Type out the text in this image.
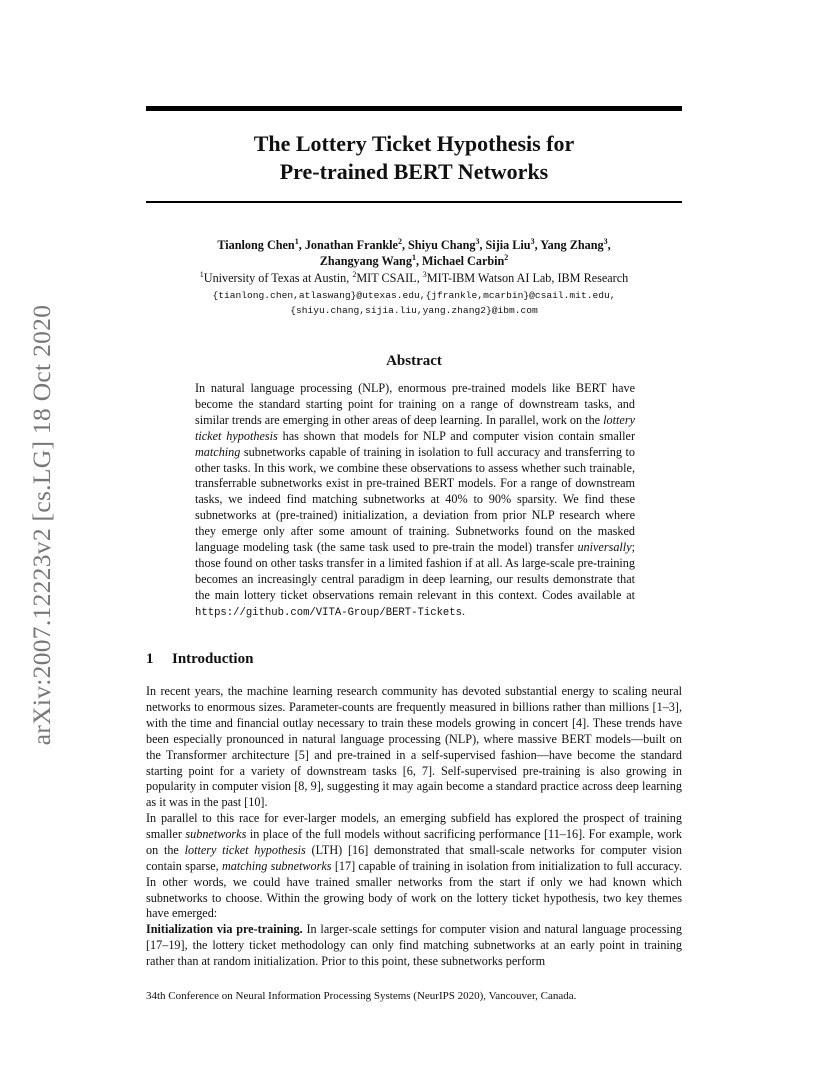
arXiv:2007.12223v2 [cs.LG] 18 Oct 2020
The Lottery Ticket Hypothesis for
Pre-trained BERT Networks
Tianlong Chen$^1$, Jonathan Frankle$^2$, Shiyu Chang$^3$, Sijia Liu$^3$, Yang Zhang$^3$,
Zhangyang Wang$^1$, Michael Carbin$^2$
$^1$University of Texas at Austin, $^2$MIT CSAIL, $^3$MIT-IBM Watson AI Lab, IBM Research
{tianlong.chen,atlaswang}@utexas.edu,{jfrankle,mcarbin}@csail.mit.edu,
{shiyu.chang,sijia.liu,yang.zhang2}@ibm.com
Abstract

In natural language processing (NLP), enormous pre-trained models like BERT have become the standard starting point for training on a range of downstream tasks, and similar trends are emerging in other areas of deep learning. In parallel, work on the lottery ticket hypothesis has shown that models for NLP and computer vision contain smaller matching subnetworks capable of training in isolation to full accuracy and transferring to other tasks. In this work, we combine these observations to assess whether such trainable, transferrable subnetworks exist in pre-trained BERT models. For a range of downstream tasks, we indeed find matching subnetworks at 40% to 90% sparsity. We find these subnetworks at (pre-trained) initialization, a deviation from prior NLP research where they emerge only after some amount of training. Subnetworks found on the masked language modeling task (the same task used to pre-train the model) transfer universally; those found on other tasks transfer in a limited fashion if at all. As large-scale pre-training becomes an increasingly central paradigm in deep learning, our results demonstrate that the main lottery ticket observations remain relevant in this context. Codes available at https://github.com/VITA-Group/BERT-Tickets.

1 Introduction

In recent years, the machine learning research community has devoted substantial energy to scaling neural networks to enormous sizes. Parameter-counts are frequently measured in billions rather than millions [1–3], with the time and financial outlay necessary to train these models growing in concert [4]. These trends have been especially pronounced in natural language processing (NLP), where massive BERT models—built on the Transformer architecture [5] and pre-trained in a self-supervised fashion—have become the standard starting point for a variety of downstream tasks [6, 7]. Self-supervised pre-training is also growing in popularity in computer vision [8, 9], suggesting it may again become a standard practice across deep learning as it was in the past [10].

In parallel to this race for ever-larger models, an emerging subfield has explored the prospect of training smaller subnetworks in place of the full models without sacrificing performance [11–16]. For example, work on the lottery ticket hypothesis (LTH) [16] demonstrated that small-scale networks for computer vision contain sparse, matching subnetworks [17] capable of training in isolation from initialization to full accuracy. In other words, we could have trained smaller networks from the start if only we had known which subnetworks to choose. Within the growing body of work on the lottery ticket hypothesis, two key themes have emerged:

Initialization via pre-training. In larger-scale settings for computer vision and natural language processing [17–19], the lottery ticket methodology can only find matching subnetworks at an early point in training rather than at random initialization. Prior to this point, these subnetworks perform

34th Conference on Neural Information Processing Systems (NeurIPS 2020), Vancouver, Canada.
